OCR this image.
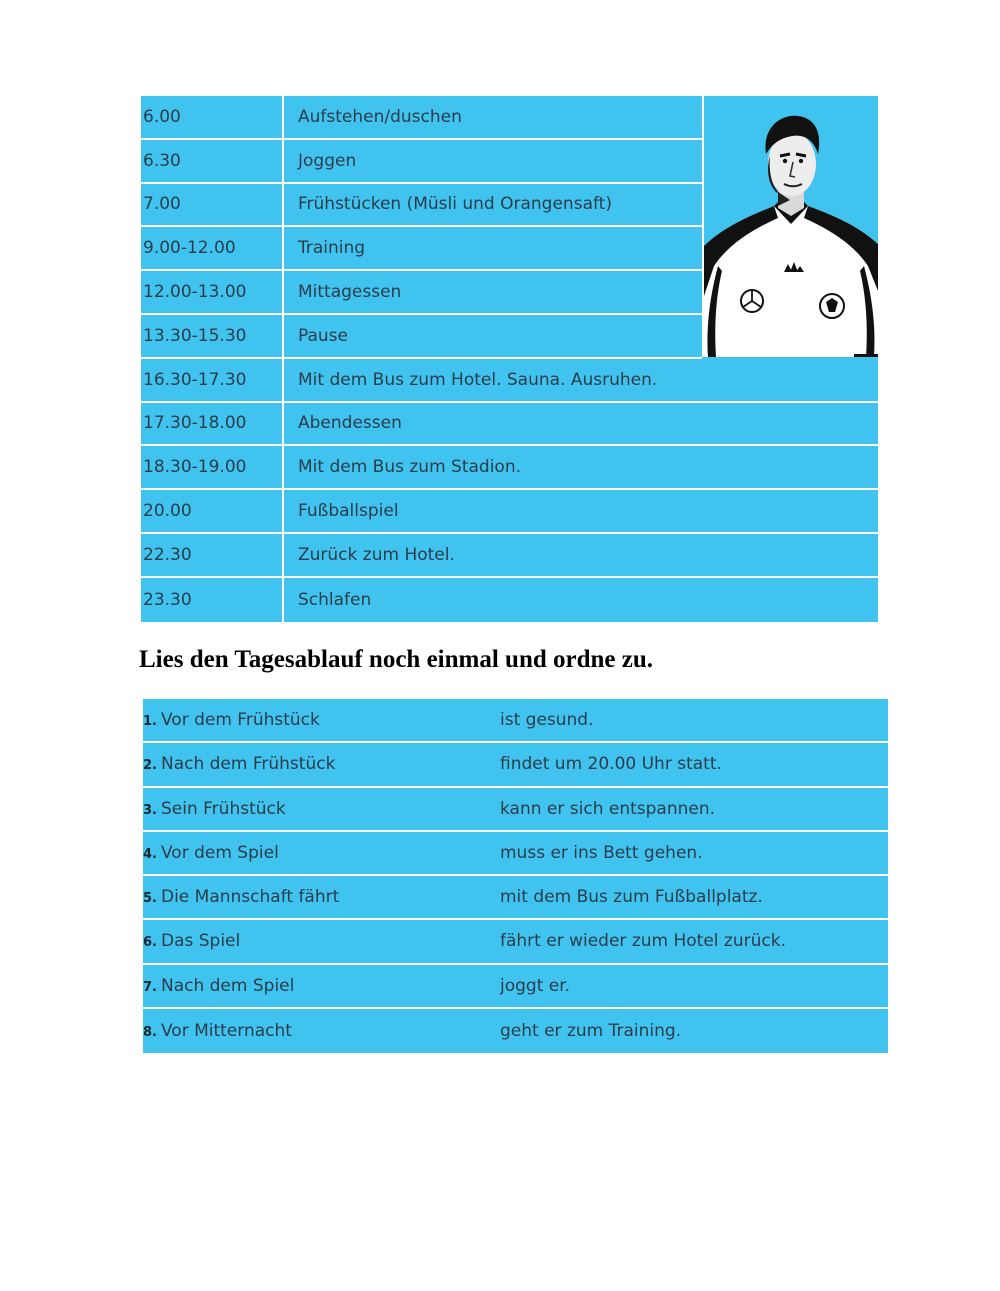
6.00	Aufstehen/duschen
6.30	Joggen
7.00	Frühstücken (Müsli und Orangensaft)
9.00-12.00	Training
12.00-13.00	Mittagessen
13.30-15.30	Pause
16.30-17.30	Mit dem Bus zum Hotel. Sauna. Ausruhen.
17.30-18.00	Abendessen
18.30-19.00	Mit dem Bus zum Stadion.
20.00	Fußballspiel
22.30	Zurück zum Hotel.
23.30	Schlafen
Lies den Tagesablauf noch einmal und ordne zu.
1. Vor dem Frühstück	ist gesund.
2. Nach dem Frühstück	findet um 20.00 Uhr statt.
3. Sein Frühstück	kann er sich entspannen.
4. Vor dem Spiel	muss er ins Bett gehen.
5. Die Mannschaft fährt	mit dem Bus zum Fußballplatz.
6. Das Spiel	fährt er wieder zum Hotel zurück.
7. Nach dem Spiel	joggt er.
8. Vor Mitternacht	geht er zum Training.
